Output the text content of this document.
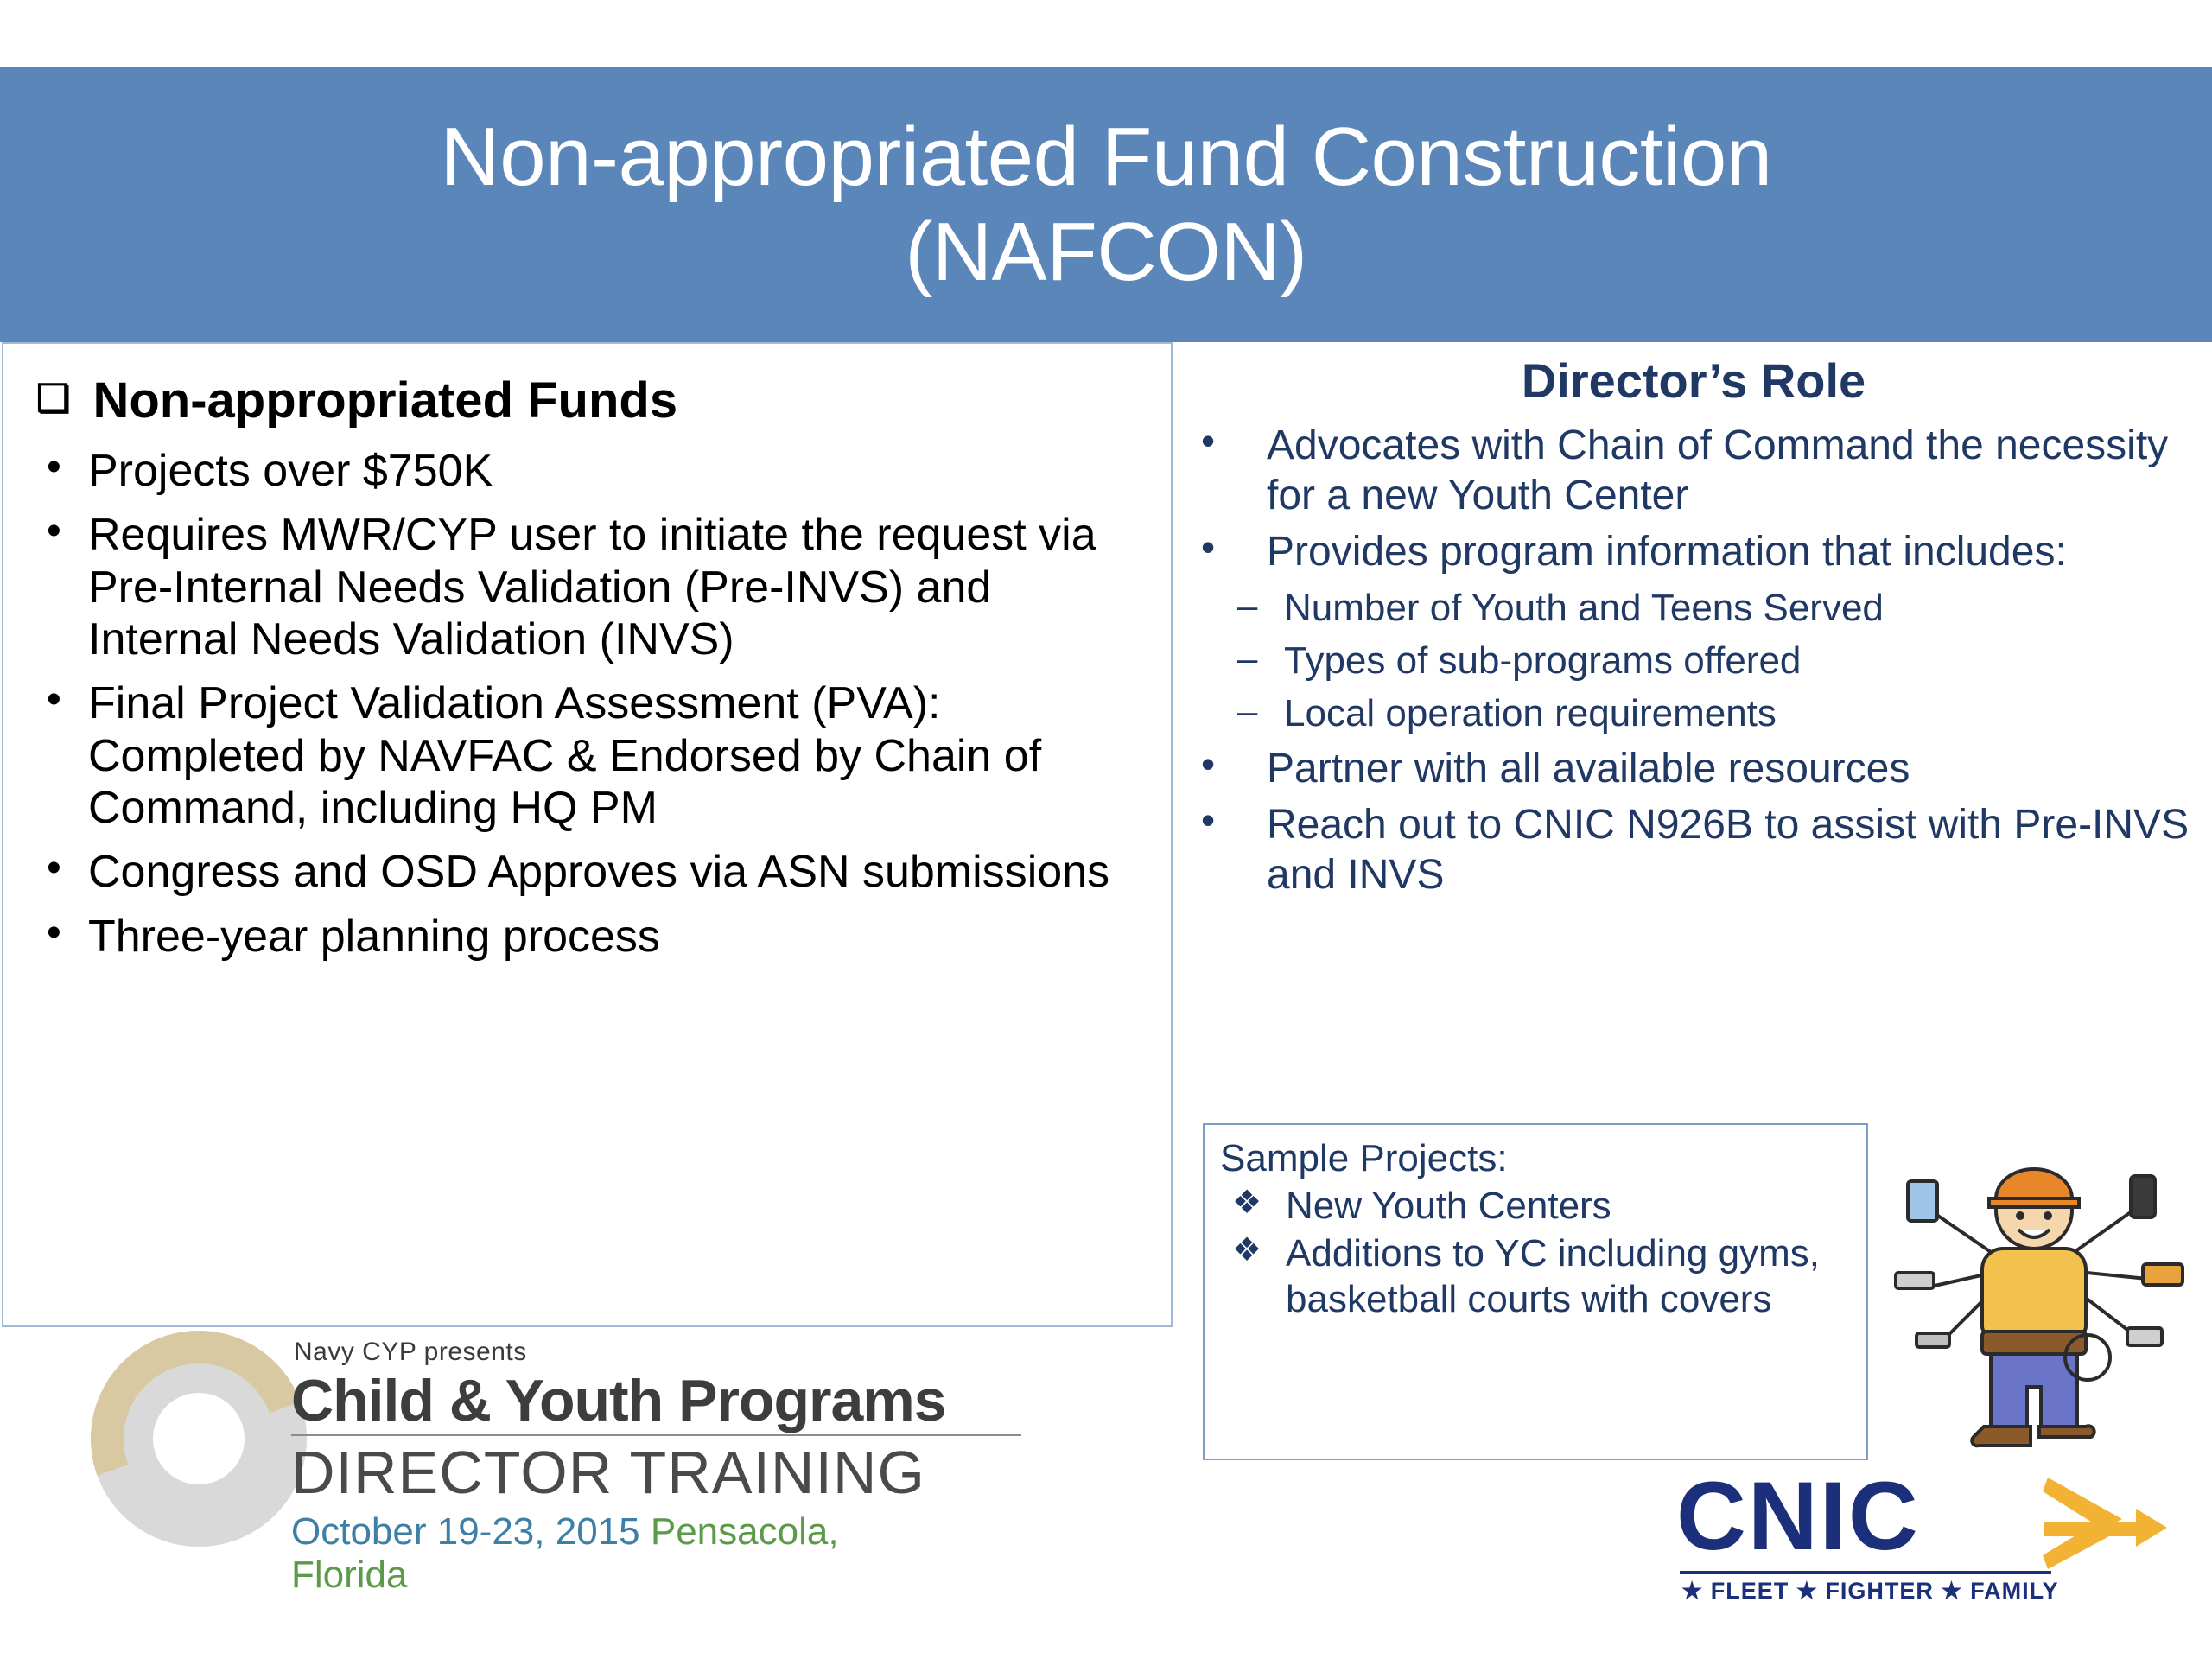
Non-appropriated Fund Construction
(NAFCON)
❑ Non-appropriated Funds
• Projects over $750K
• Requires MWR/CYP user to initiate the request via Pre-Internal Needs Validation (Pre-INVS) and Internal Needs Validation (INVS)
• Final Project Validation Assessment (PVA): Completed by NAVFAC & Endorsed by Chain of Command, including HQ PM
• Congress and OSD Approves via ASN submissions
• Three-year planning process
Director’s Role
• Advocates with Chain of Command the necessity for a new Youth Center
• Provides program information that includes:
– Number of Youth and Teens Served
– Types of sub-programs offered
– Local operation requirements
• Partner with all available resources
• Reach out to CNIC N926B to assist with Pre-INVS and INVS
Sample Projects:
❖ New Youth Centers
❖ Additions to YC including gyms, basketball courts with covers
Navy CYP presents
Child & Youth Programs
DIRECTOR TRAINING
October 19-23, 2015 Pensacola, Florida
CNIC
★ FLEET ★ FIGHTER ★ FAMILY
